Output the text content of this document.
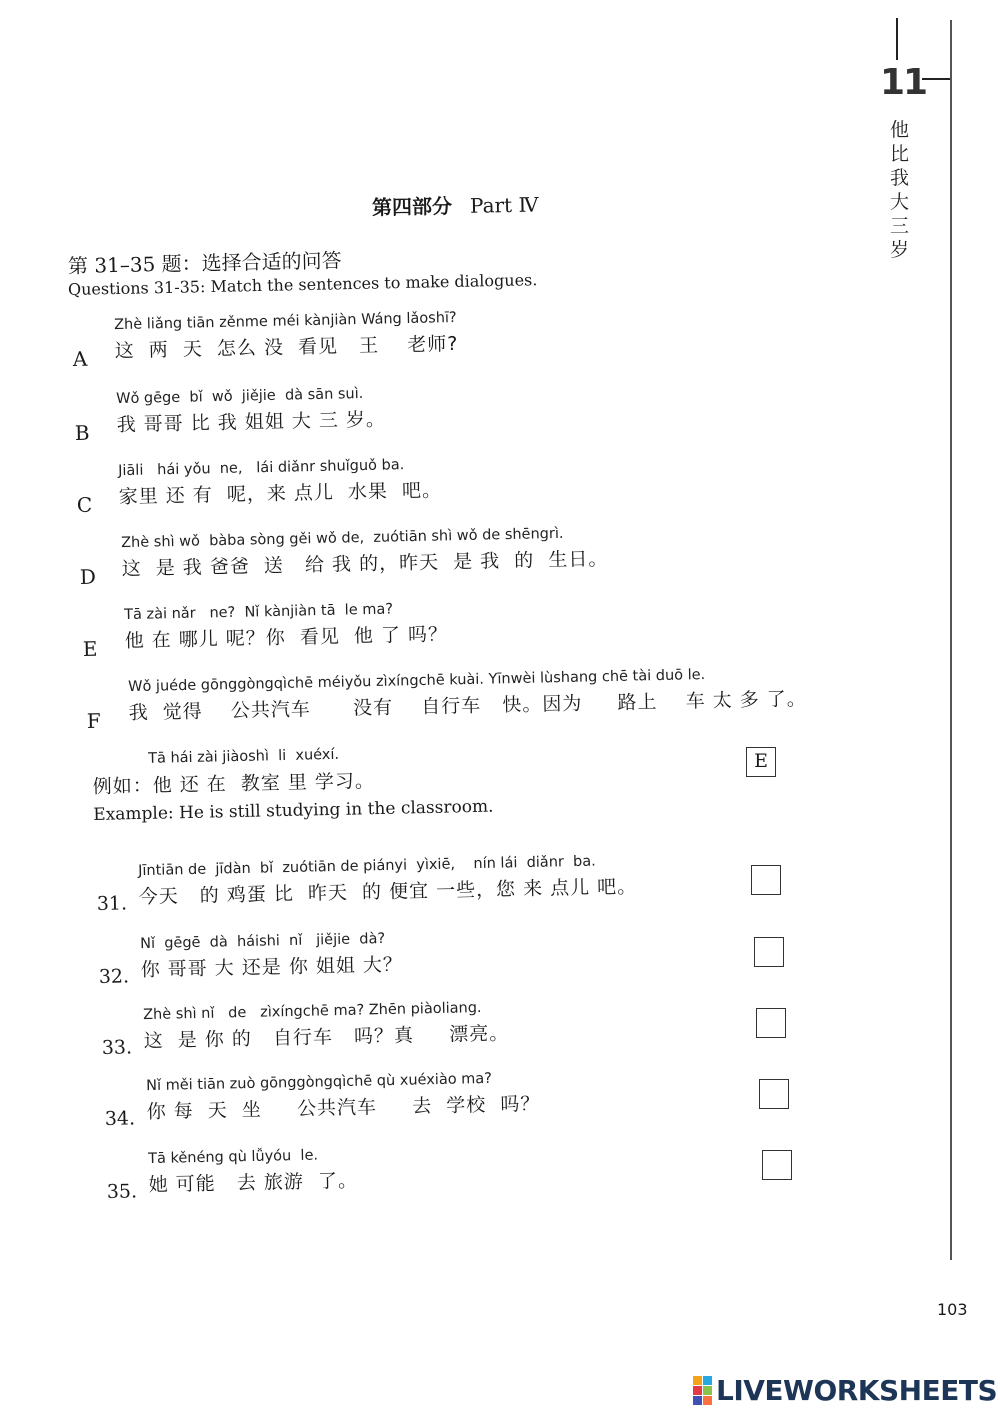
11
他比我大三岁
第四部分 Part Ⅳ
第 31–35 题：选择合适的问答
Questions 31-35: Match the sentences to make dialogues.
Zhè liǎng tiān zěnme méi kànjiàn Wáng lǎoshī?
A	这  两  天  怎么 没  看见   王    老师?
Wǒ gēge  bǐ  wǒ  jiějie  dà sān suì.
B	我 哥哥 比 我 姐姐 大 三 岁。
Jiāli   hái yǒu  ne,   lái diǎnr shuǐguǒ ba.
C	家里 还 有  呢，来 点儿  水果  吧。
Zhè shì wǒ  bàba sòng gěi wǒ de,  zuótiān shì wǒ de shēngrì.
D	这  是 我 爸爸  送   给 我 的，昨天  是 我  的  生日。
Tā zài nǎr   ne?  Nǐ kànjiàn tā  le ma?
E	他 在 哪儿 呢？你  看见  他 了 吗？
Wǒ juéde gōnggòngqìchē méiyǒu zìxíngchē kuài. Yīnwèi lùshang chē tài duō le.
F	我  觉得    公共汽车      没有    自行车   快。因为     路上    车 太 多 了。
Tā hái zài jiàoshì  li  xuéxí.
例如：他 还 在  教室 里 学习。
Example: He is still studying in the classroom.
E
Jīntiān de  jīdàn  bǐ  zuótiān de piányi  yìxiē,    nín lái  diǎnr  ba.
31. 今天   的 鸡蛋 比  昨天  的 便宜 一些，您 来 点儿 吧。
Nǐ  gēgē  dà  háishi  nǐ   jiějie  dà?
32. 你 哥哥 大 还是 你 姐姐 大？
Zhè shì nǐ   de   zìxíngchē ma? Zhēn piàoliang.
33. 这  是 你 的   自行车   吗？真     漂亮。
Nǐ měi tiān zuò gōnggòngqìchē qù xuéxiào ma?
34. 你 每  天  坐     公共汽车     去  学校  吗？
Tā kěnéng qù lǚyóu  le.
35. 她 可能   去 旅游  了。
103
LIVEWORKSHEETS
